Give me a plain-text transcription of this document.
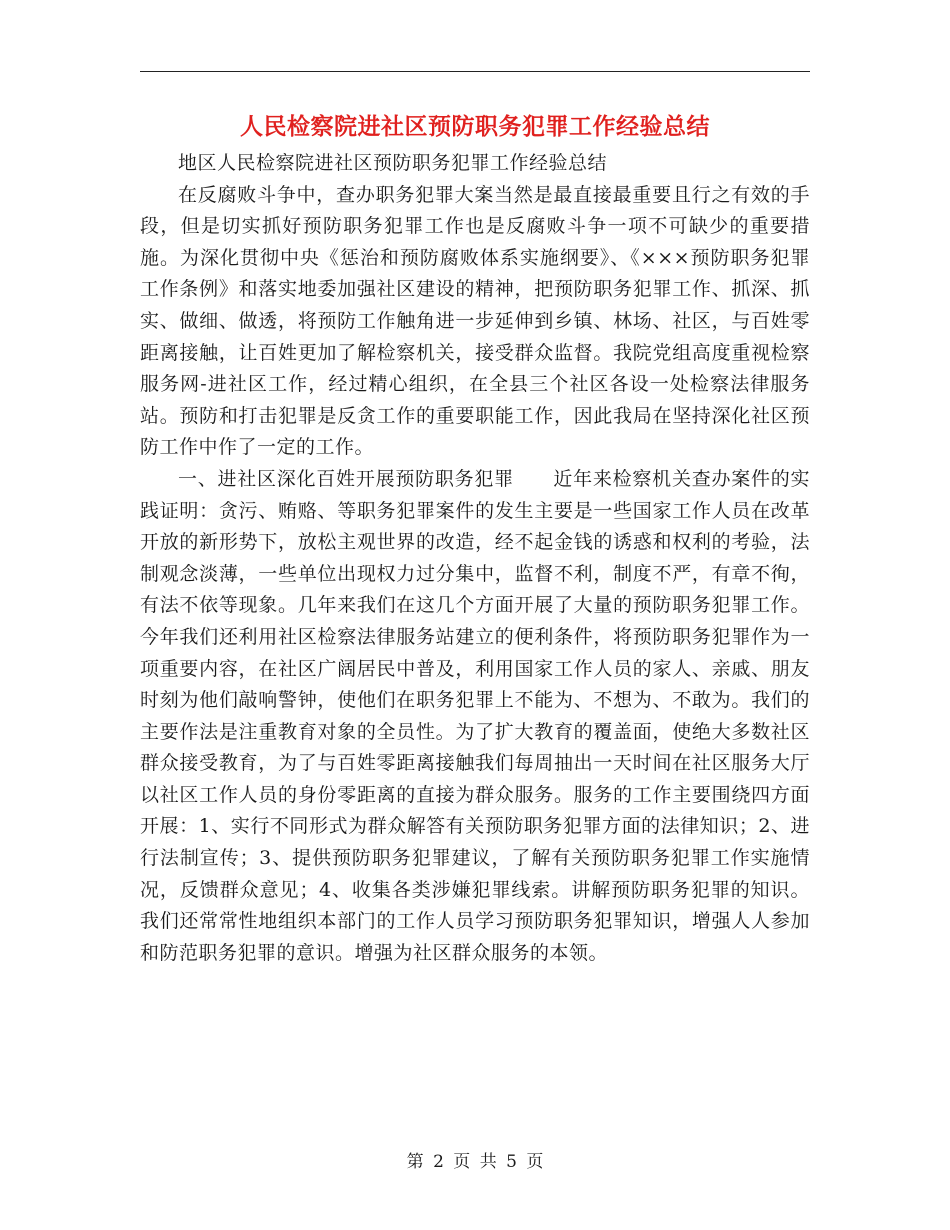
人民检察院进社区预防职务犯罪工作经验总结

地区人民检察院进社区预防职务犯罪工作经验总结

在反腐败斗争中，查办职务犯罪大案当然是最直接最重要且行之有效的手段，但是切实抓好预防职务犯罪工作也是反腐败斗争一项不可缺少的重要措施。为深化贯彻中央《惩治和预防腐败体系实施纲要》、《×××预防职务犯罪工作条例》和落实地委加强社区建设的精神，把预防职务犯罪工作、抓深、抓实、做细、做透，将预防工作触角进一步延伸到乡镇、林场、社区，与百姓零距离接触，让百姓更加了解检察机关，接受群众监督。我院党组高度重视检察服务网-进社区工作，经过精心组织，在全县三个社区各设一处检察法律服务站。预防和打击犯罪是反贪工作的重要职能工作，因此我局在坚持深化社区预防工作中作了一定的工作。

一、进社区深化百姓开展预防职务犯罪　　近年来检察机关查办案件的实践证明：贪污、贿赂、等职务犯罪案件的发生主要是一些国家工作人员在改革开放的新形势下，放松主观世界的改造，经不起金钱的诱惑和权利的考验，法制观念淡薄，一些单位出现权力过分集中，监督不利，制度不严，有章不徇，有法不依等现象。几年来我们在这几个方面开展了大量的预防职务犯罪工作。今年我们还利用社区检察法律服务站建立的便利条件，将预防职务犯罪作为一项重要内容，在社区广阔居民中普及，利用国家工作人员的家人、亲戚、朋友时刻为他们敲响警钟，使他们在职务犯罪上不能为、不想为、不敢为。我们的主要作法是注重教育对象的全员性。为了扩大教育的覆盖面，使绝大多数社区群众接受教育，为了与百姓零距离接触我们每周抽出一天时间在社区服务大厅以社区工作人员的身份零距离的直接为群众服务。服务的工作主要围绕四方面开展：1、实行不同形式为群众解答有关预防职务犯罪方面的法律知识；2、进行法制宣传；3、提供预防职务犯罪建议，了解有关预防职务犯罪工作实施情况，反馈群众意见；4、收集各类涉嫌犯罪线索。讲解预防职务犯罪的知识。我们还常常性地组织本部门的工作人员学习预防职务犯罪知识，增强人人参加和防范职务犯罪的意识。增强为社区群众服务的本领。

第 2 页 共 5 页
